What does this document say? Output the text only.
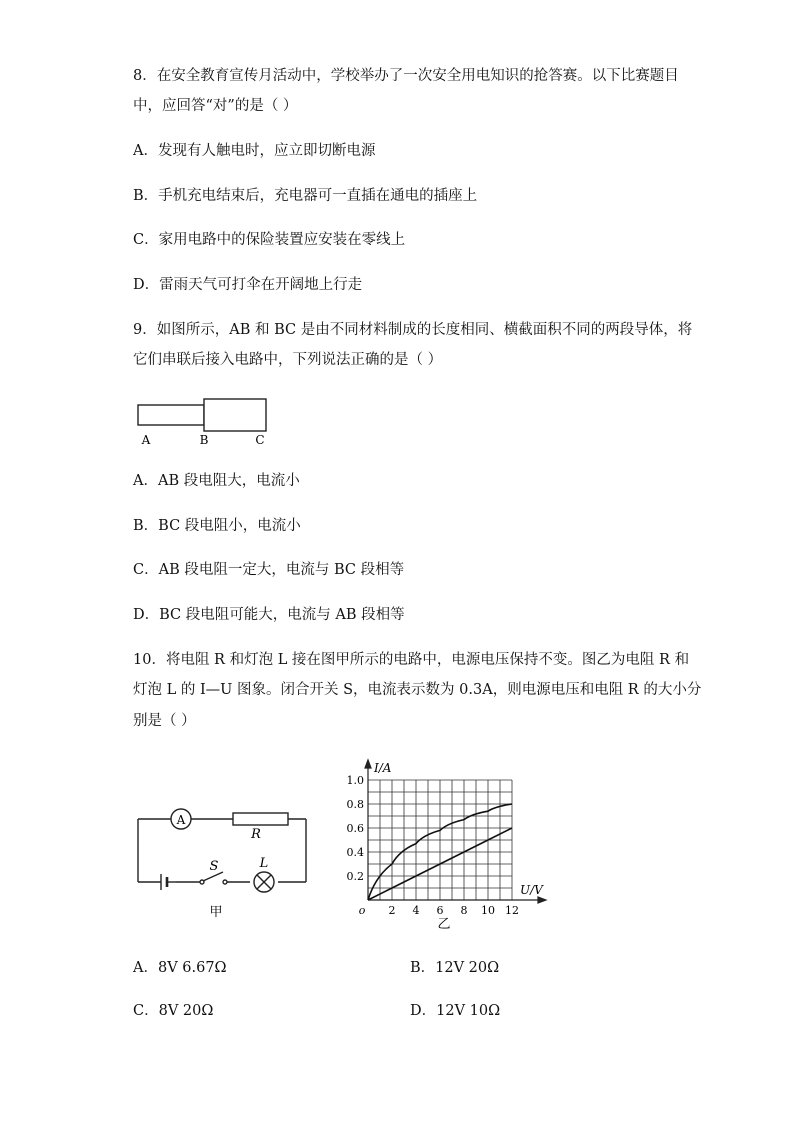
8．在安全教育宣传月活动中，学校举办了一次安全用电知识的抢答赛。以下比赛题目
中，应回答“对”的是（ ）
A．发现有人触电时，应立即切断电源
B．手机充电结束后，充电器可一直插在通电的插座上
C．家用电路中的保险装置应安装在零线上
D．雷雨天气可打伞在开阔地上行走
9．如图所示，AB 和 BC 是由不同材料制成的长度相同、横截面积不同的两段导体，将
它们串联后接入电路中，下列说法正确的是（ ）
A	B	C
A．AB 段电阻大，电流小
B．BC 段电阻小，电流小
C．AB 段电阻一定大，电流与 BC 段相等
D．BC 段电阻可能大，电流与 AB 段相等
10．将电阻 R 和灯泡 L 接在图甲所示的电路中，电源电压保持不变。图乙为电阻 R 和
灯泡 L 的 I—U 图象。闭合开关 S，电流表示数为 0.3A，则电源电压和电阻 R 的大小分
别是（ ）
A
R
S	L
甲	2 4 6 8 10 12
0.2
0.4
0.6
0.8
1.0
o
I/A
U/V
乙
A．8V 6.67Ω	B．12V 20Ω
C．8V 20Ω	D．12V 10Ω
